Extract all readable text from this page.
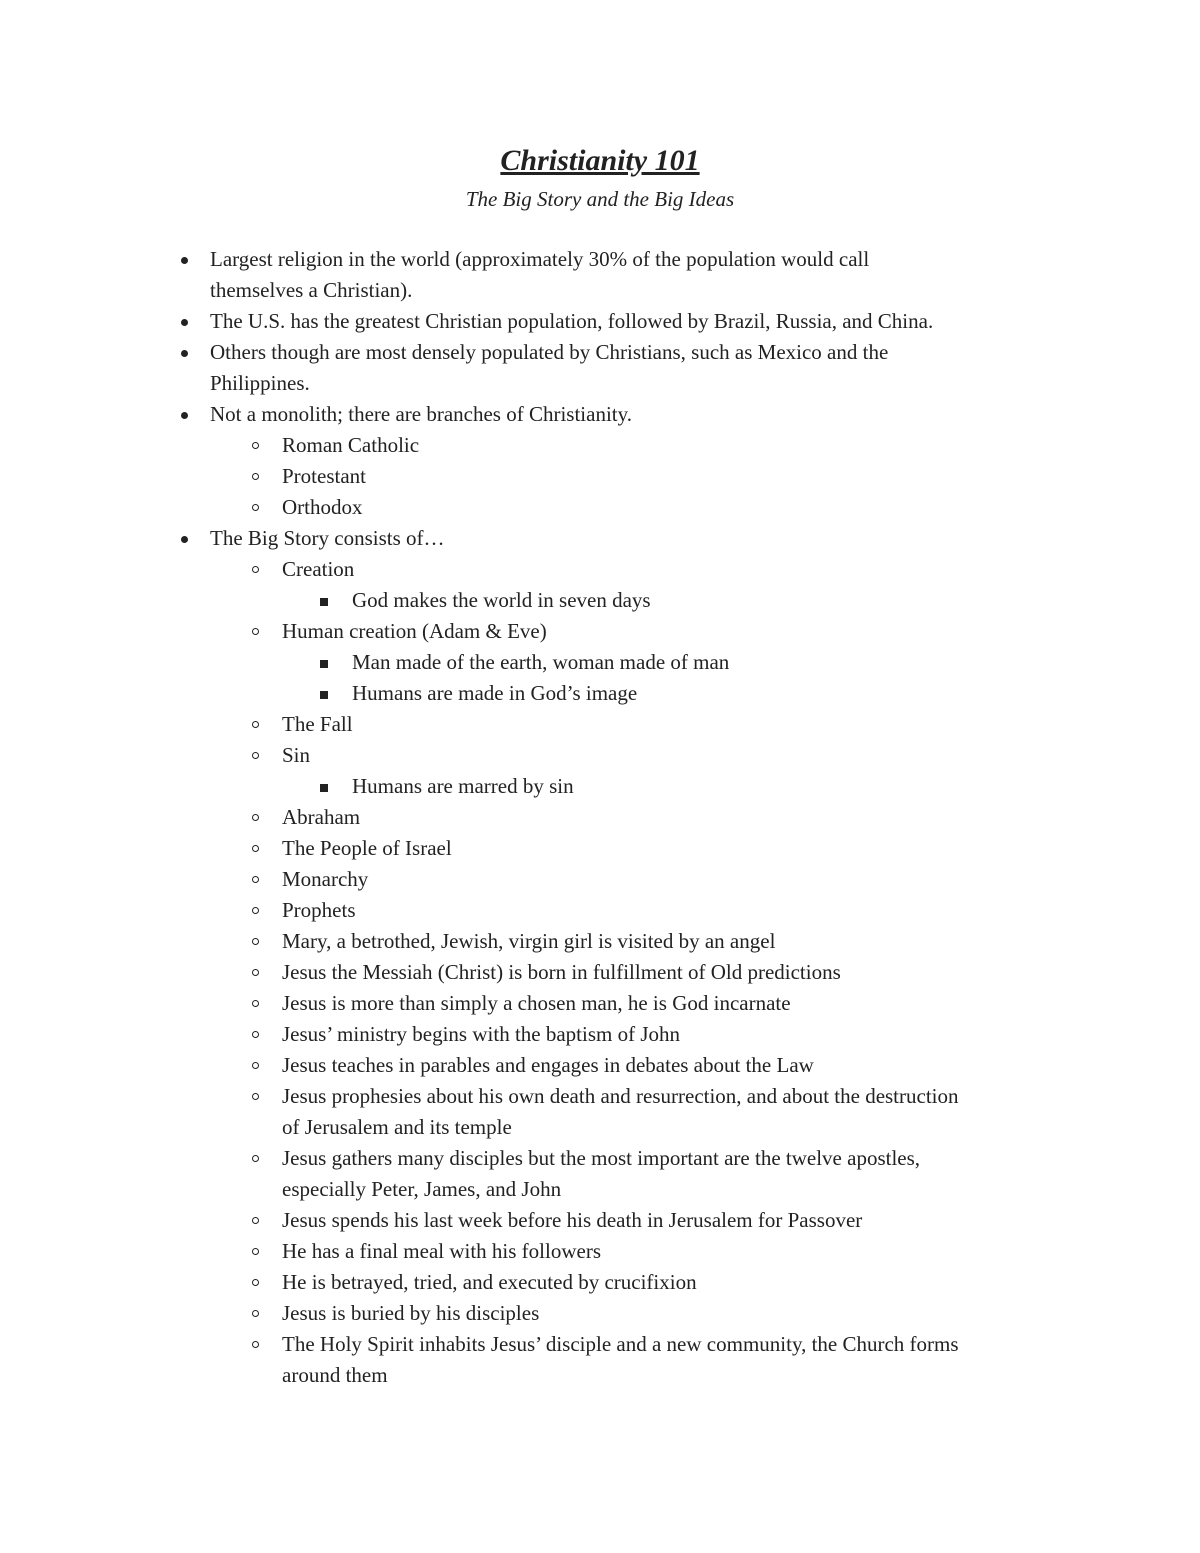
Christianity 101
The Big Story and the Big Ideas
Largest religion in the world (approximately 30% of the population would call
themselves a Christian).
The U.S. has the greatest Christian population, followed by Brazil, Russia, and China.
Others though are most densely populated by Christians, such as Mexico and the
Philippines.
Not a monolith; there are branches of Christianity.
Roman Catholic
Protestant
Orthodox
The Big Story consists of…
Creation
God makes the world in seven days
Human creation (Adam & Eve)
Man made of the earth, woman made of man
Humans are made in God’s image
The Fall
Sin
Humans are marred by sin
Abraham
The People of Israel
Monarchy
Prophets
Mary, a betrothed, Jewish, virgin girl is visited by an angel
Jesus the Messiah (Christ) is born in fulfillment of Old predictions
Jesus is more than simply a chosen man, he is God incarnate
Jesus’ ministry begins with the baptism of John
Jesus teaches in parables and engages in debates about the Law
Jesus prophesies about his own death and resurrection, and about the destruction
of Jerusalem and its temple
Jesus gathers many disciples but the most important are the twelve apostles,
especially Peter, James, and John
Jesus spends his last week before his death in Jerusalem for Passover
He has a final meal with his followers
He is betrayed, tried, and executed by crucifixion
Jesus is buried by his disciples
The Holy Spirit inhabits Jesus’ disciple and a new community, the Church forms
around them
